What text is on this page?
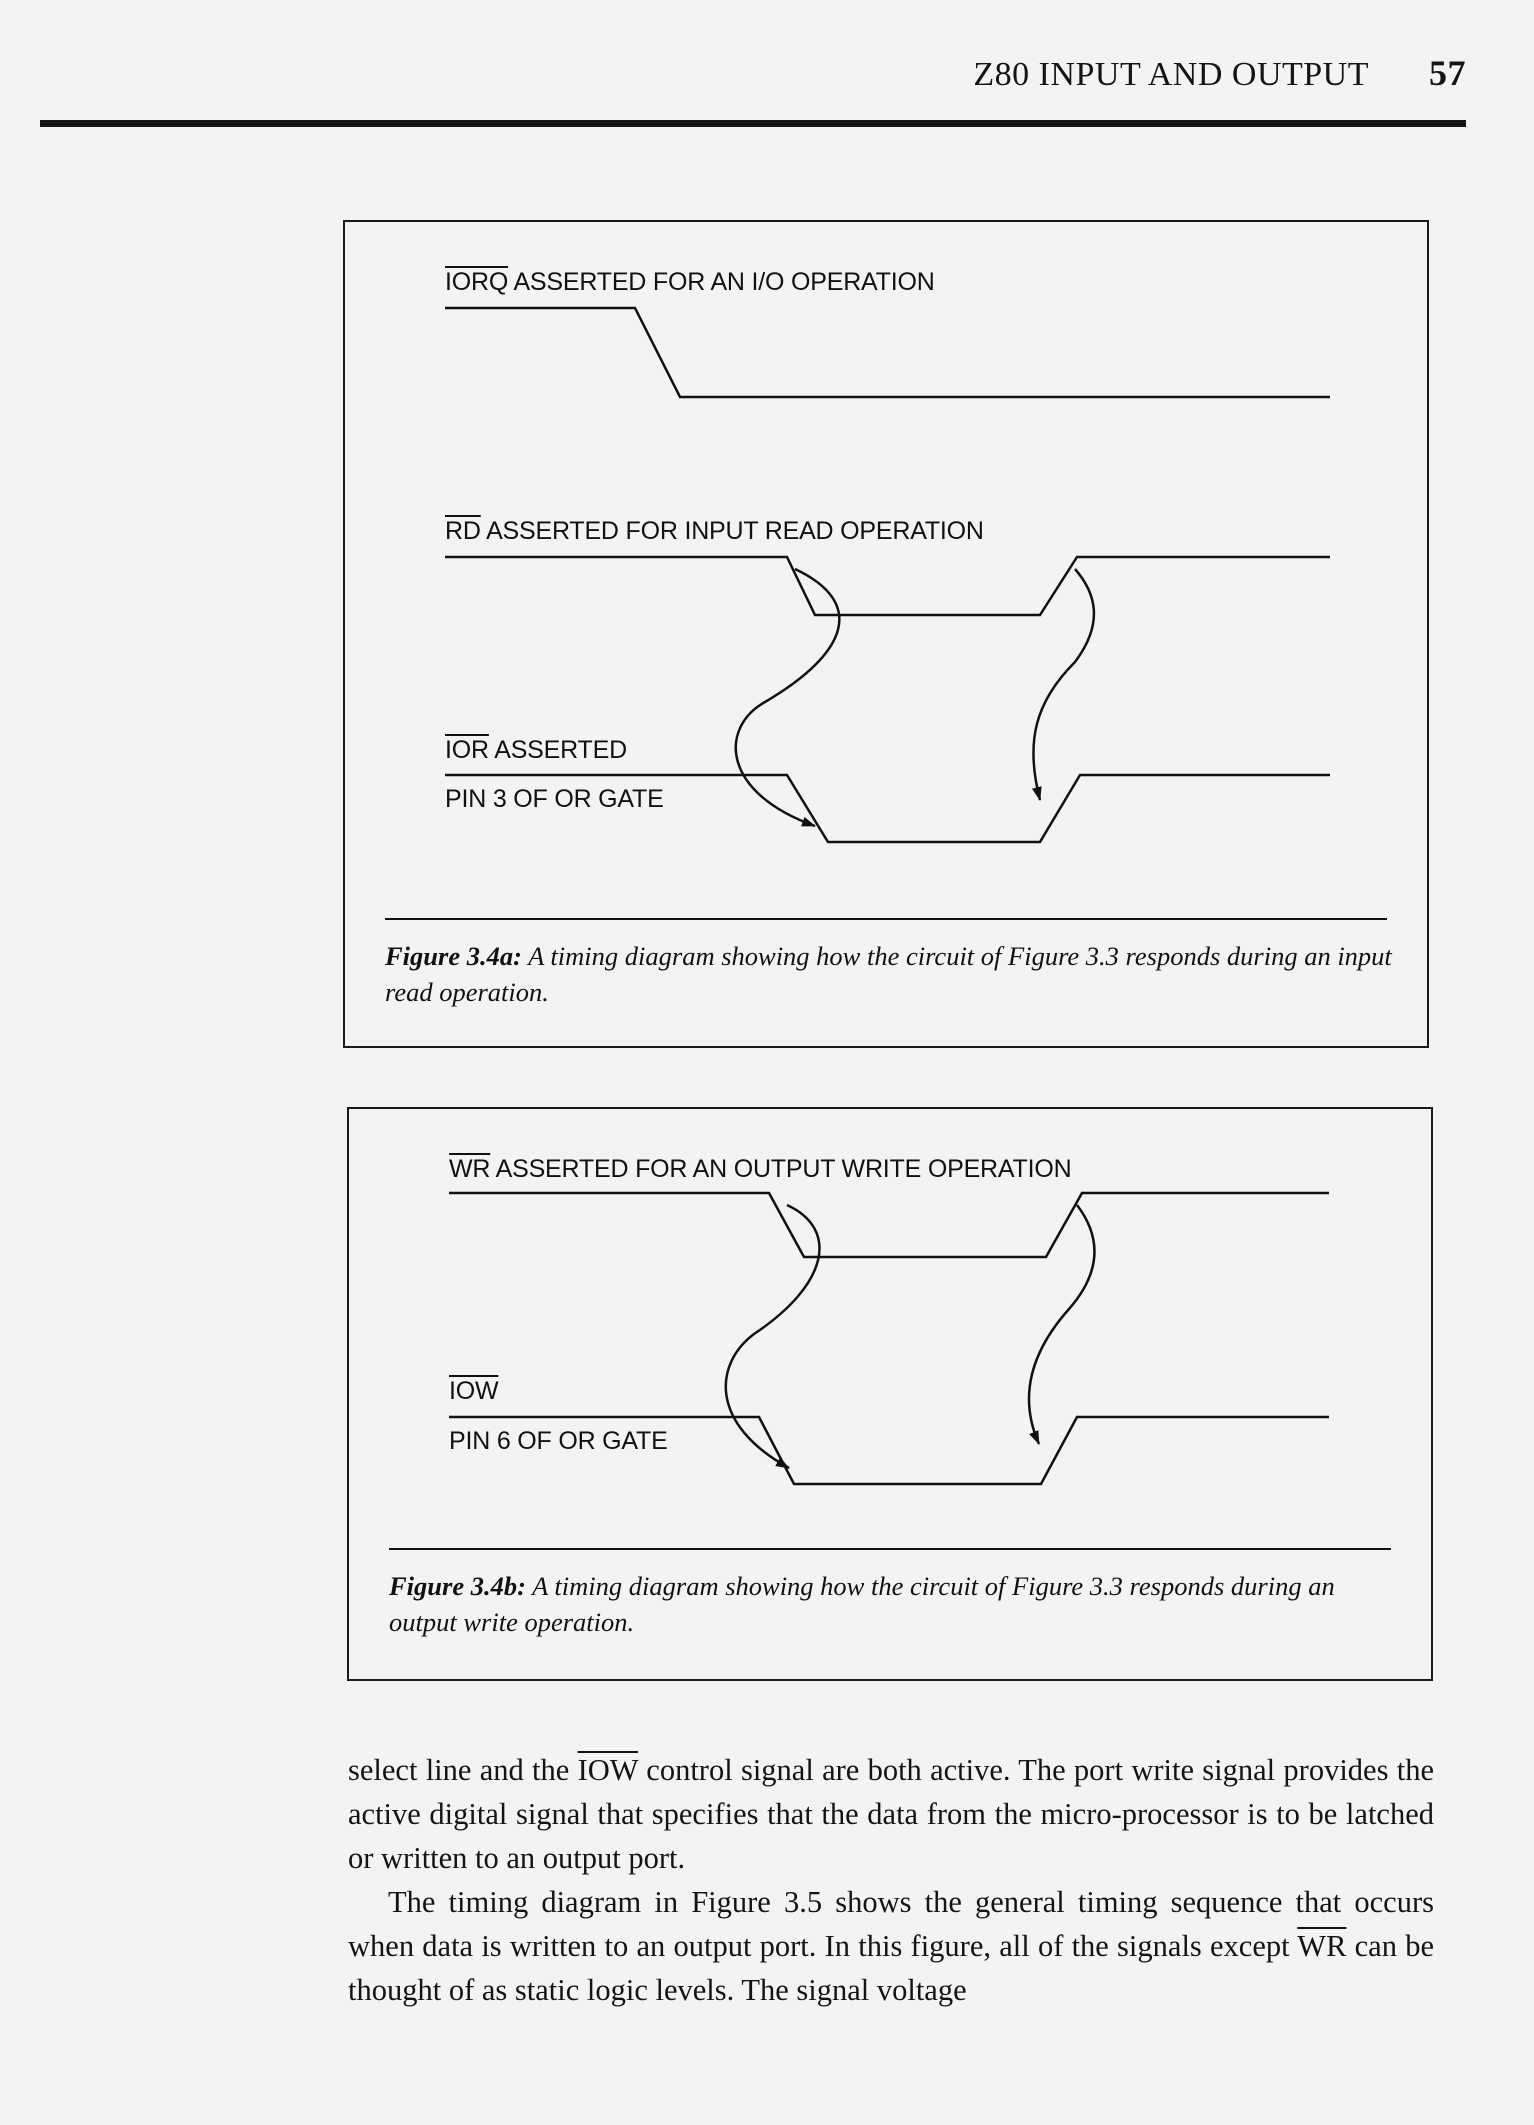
Z80 INPUT AND OUTPUT 57
IORQ ASSERTED FOR AN I/O OPERATION
$\overline{RD}$ ASSERTED FOR INPUT READ OPERATION
$\overline{IOR}$ ASSERTED
PIN 3 OF OR GATE
Figure 3.4a: A timing diagram showing how the circuit of Figure 3.3 responds during an input read operation.
$\overline{WR}$ ASSERTED FOR AN OUTPUT WRITE OPERATION
$\overline{IOW}$
PIN 6 OF OR GATE
Figure 3.4b: A timing diagram showing how the circuit of Figure 3.3 responds during an output write operation.
select line and the $\overline{IOW}$ control signal are both active. The port write signal provides the active digital signal that specifies that the data from the micro-processor is to be latched or written to an output port.
The timing diagram in Figure 3.5 shows the general timing sequence that occurs when data is written to an output port. In this figure, all of the signals except $\overline{WR}$ can be thought of as static logic levels. The signal voltage
